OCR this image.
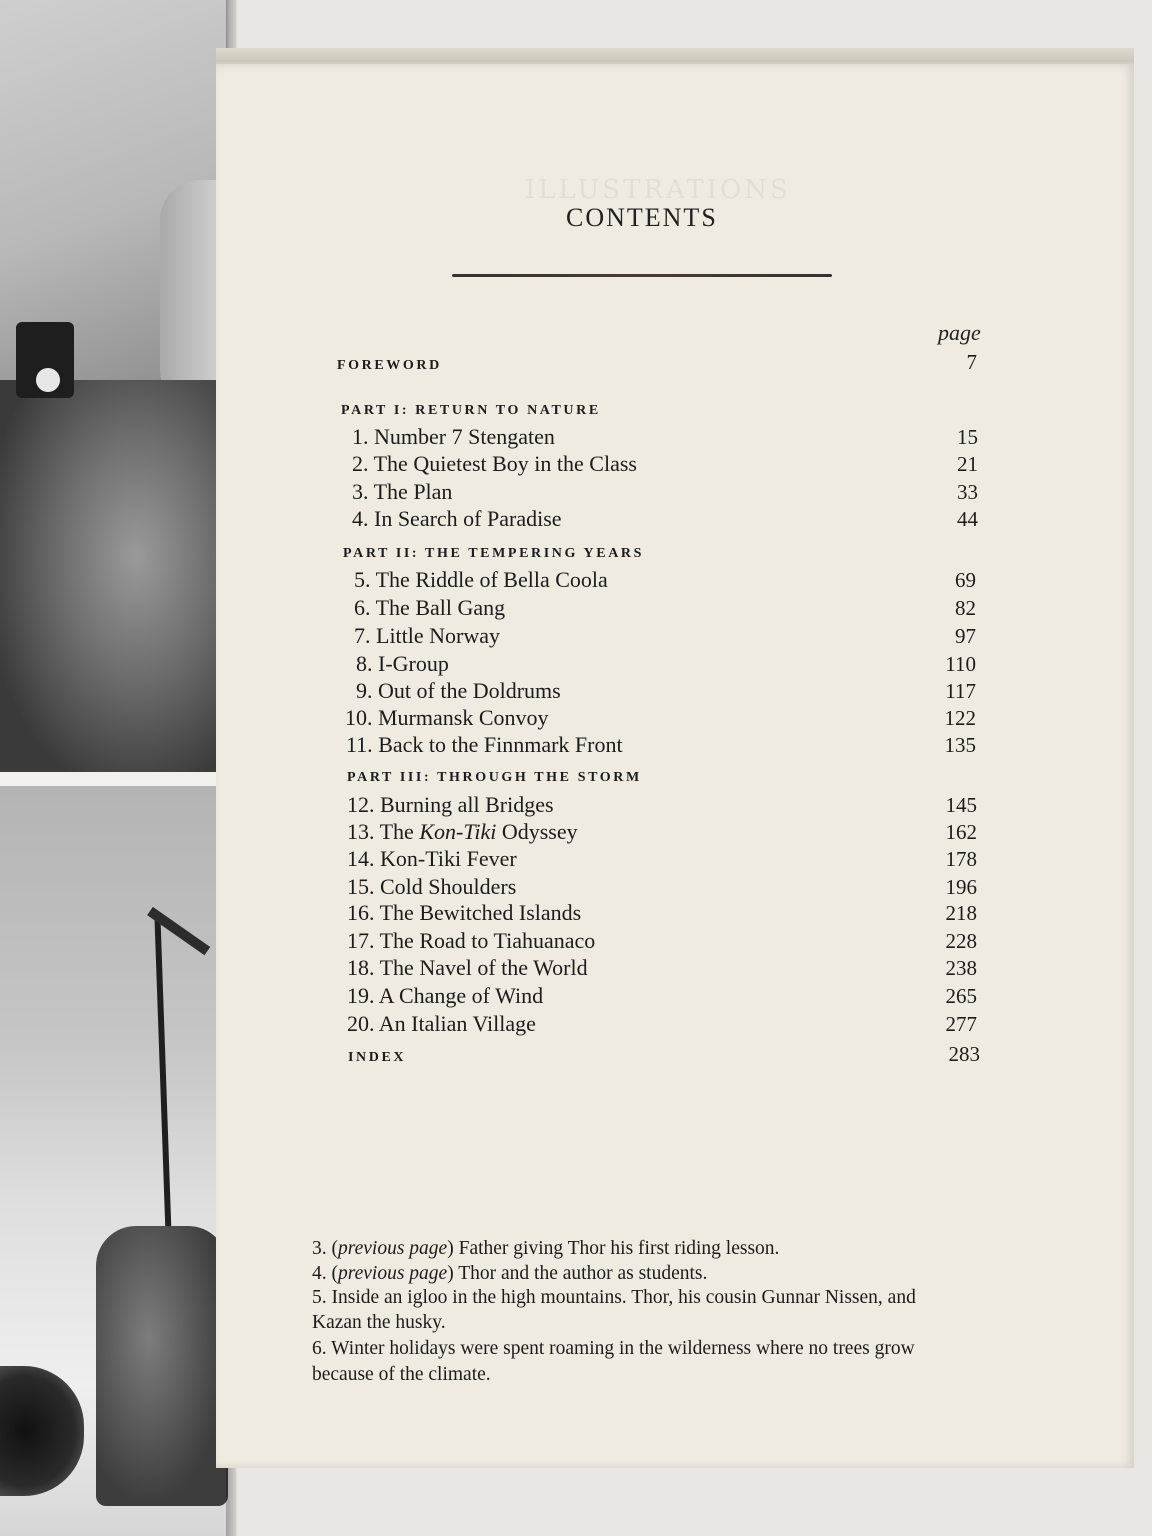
ILLUSTRATIONS
CONTENTS
page
FOREWORD	7
PART I: RETURN TO NATURE
1. Number 7 Stengaten	15
2. The Quietest Boy in the Class	21
3. The Plan	33
4. In Search of Paradise	44
PART II: THE TEMPERING YEARS
5. The Riddle of Bella Coola	69
6. The Ball Gang	82
7. Little Norway	97
8. I-Group	110
9. Out of the Doldrums	117
10. Murmansk Convoy	122
11. Back to the Finnmark Front	135
PART III: THROUGH THE STORM
12. Burning all Bridges	145
13. The Kon-Tiki Odyssey	162
14. Kon-Tiki Fever	178
15. Cold Shoulders	196
16. The Bewitched Islands	218
17. The Road to Tiahuanaco	228
18. The Navel of the World	238
19. A Change of Wind	265
20. An Italian Village	277
INDEX	283
3. (previous page) Father giving Thor his first riding lesson.
4. (previous page) Thor and the author as students.
5. Inside an igloo in the high mountains. Thor, his cousin Gunnar Nissen, and
Kazan the husky.
6. Winter holidays were spent roaming in the wilderness where no trees grow
because of the climate.
